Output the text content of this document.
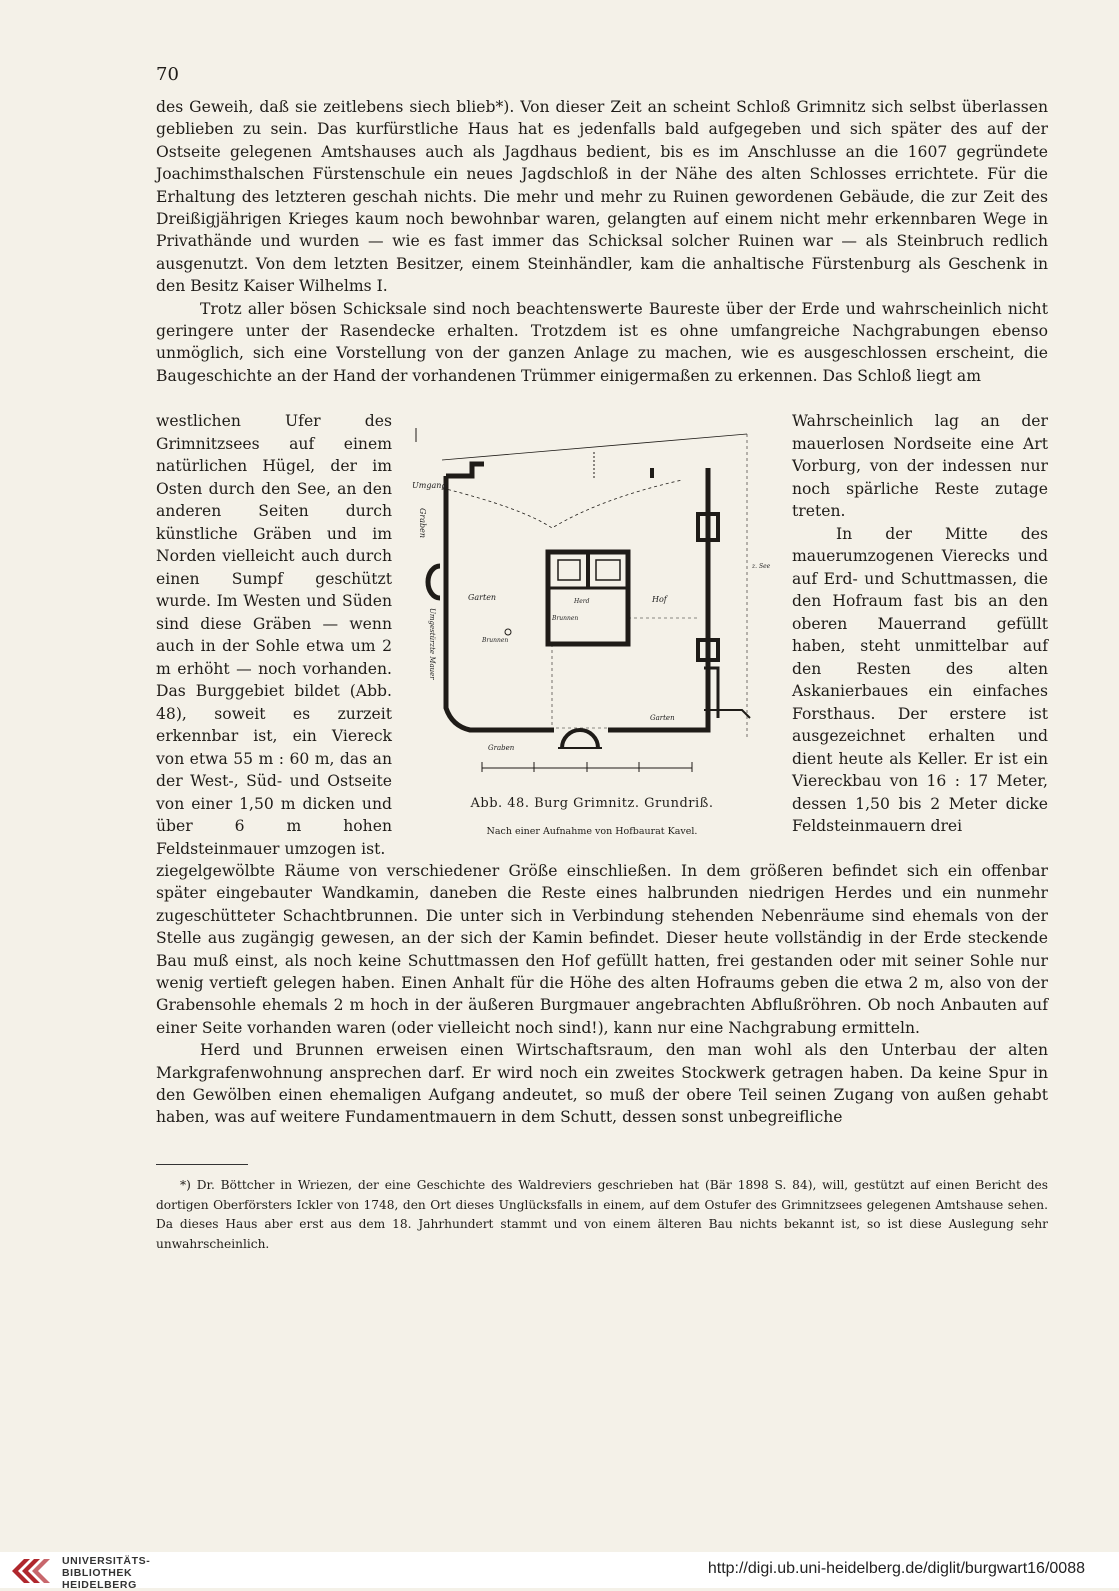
70

des Geweih, daß sie zeitlebens siech blieb*). Von dieser Zeit an scheint Schloß Grimnitz sich selbst überlassen geblieben zu sein. Das kurfürstliche Haus hat es jedenfalls bald aufgegeben und sich später des auf der Ostseite gelegenen Amtshauses auch als Jagdhaus bedient, bis es im Anschlusse an die 1607 gegründete Joachimsthalschen Fürstenschule ein neues Jagdschloß in der Nähe des alten Schlosses errichtete. Für die Erhaltung des letzteren geschah nichts. Die mehr und mehr zu Ruinen gewordenen Gebäude, die zur Zeit des Dreißigjährigen Krieges kaum noch bewohnbar waren, gelangten auf einem nicht mehr erkennbaren Wege in Privathände und wurden — wie es fast immer das Schicksal solcher Ruinen war — als Steinbruch redlich ausgenutzt. Von dem letzten Besitzer, einem Steinhändler, kam die anhaltische Fürstenburg als Geschenk in den Besitz Kaiser Wilhelms I.

Trotz aller bösen Schicksale sind noch beachtenswerte Baureste über der Erde und wahrscheinlich nicht geringere unter der Rasendecke erhalten. Trotzdem ist es ohne umfangreiche Nachgrabungen ebenso unmöglich, sich eine Vorstellung von der ganzen Anlage zu machen, wie es ausgeschlossen erscheint, die Baugeschichte an der Hand der vorhandenen Trümmer einigermaßen zu erkennen. Das Schloß liegt am

westlichen Ufer des Grimnitzsees auf einem natürlichen Hügel, der im Osten durch den See, an den anderen Seiten durch künstliche Gräben und im Norden vielleicht auch durch einen Sumpf geschützt wurde. Im Westen und Süden sind diese Gräben — wenn auch in der Sohle etwa um 2 m erhöht — noch vorhanden. Das Burggebiet bildet (Abb. 48), soweit es zurzeit erkennbar ist, ein Viereck von etwa 55 m : 60 m, das an der West-, Süd- und Ostseite von einer 1,50 m dicken und über 6 m hohen Feldsteinmauer umzogen ist.

Wahrscheinlich lag an der mauerlosen Nordseite eine Art Vorburg, von der indessen nur noch spärliche Reste zutage treten.

In der Mitte des mauerumzogenen Vierecks und auf Erd- und Schuttmassen, die den Hofraum fast bis an den oberen Mauerrand gefüllt haben, steht unmittelbar auf den Resten des alten Askanierbaues ein einfaches Forsthaus. Der erstere ist ausgezeichnet erhalten und dient heute als Keller. Er ist ein Viereckbau von 16 : 17 Meter, dessen 1,50 bis 2 Meter dicke Feldsteinmauern drei

Umgang
Graben
Garten	Hof
Brunnen
Brunnen
Herd
Umgestürzte Mauer
z. See
Garten
Graben
Abb. 48. Burg Grimnitz. Grundriß.
Nach einer Aufnahme von Hofbaurat Kavel.

ziegelgewölbte Räume von verschiedener Größe einschließen. In dem größeren befindet sich ein offenbar später eingebauter Wandkamin, daneben die Reste eines halbrunden niedrigen Herdes und ein nunmehr zugeschütteter Schachtbrunnen. Die unter sich in Verbindung stehenden Nebenräume sind ehemals von der Stelle aus zugängig gewesen, an der sich der Kamin befindet. Dieser heute vollständig in der Erde steckende Bau muß einst, als noch keine Schuttmassen den Hof gefüllt hatten, frei gestanden oder mit seiner Sohle nur wenig vertieft gelegen haben. Einen Anhalt für die Höhe des alten Hofraums geben die etwa 2 m, also von der Grabensohle ehemals 2 m hoch in der äußeren Burgmauer angebrachten Abflußröhren. Ob noch Anbauten auf einer Seite vorhanden waren (oder vielleicht noch sind!), kann nur eine Nachgrabung ermitteln.

Herd und Brunnen erweisen einen Wirtschaftsraum, den man wohl als den Unterbau der alten Markgrafenwohnung ansprechen darf. Er wird noch ein zweites Stockwerk getragen haben. Da keine Spur in den Gewölben einen ehemaligen Aufgang andeutet, so muß der obere Teil seinen Zugang von außen gehabt haben, was auf weitere Fundamentmauern in dem Schutt, dessen sonst unbegreifliche

*) Dr. Böttcher in Wriezen, der eine Geschichte des Waldreviers geschrieben hat (Bär 1898 S. 84), will, gestützt auf einen Bericht des dortigen Oberförsters Ickler von 1748, den Ort dieses Unglücksfalls in einem, auf dem Ostufer des Grimnitzsees gelegenen Amtshause sehen. Da dieses Haus aber erst aus dem 18. Jahrhundert stammt und von einem älteren Bau nichts bekannt ist, so ist diese Auslegung sehr unwahrscheinlich.

UNIVERSITÄTS-
BIBLIOTHEK
HEIDELBERG
http://digi.ub.uni-heidelberg.de/diglit/burgwart16/0088
